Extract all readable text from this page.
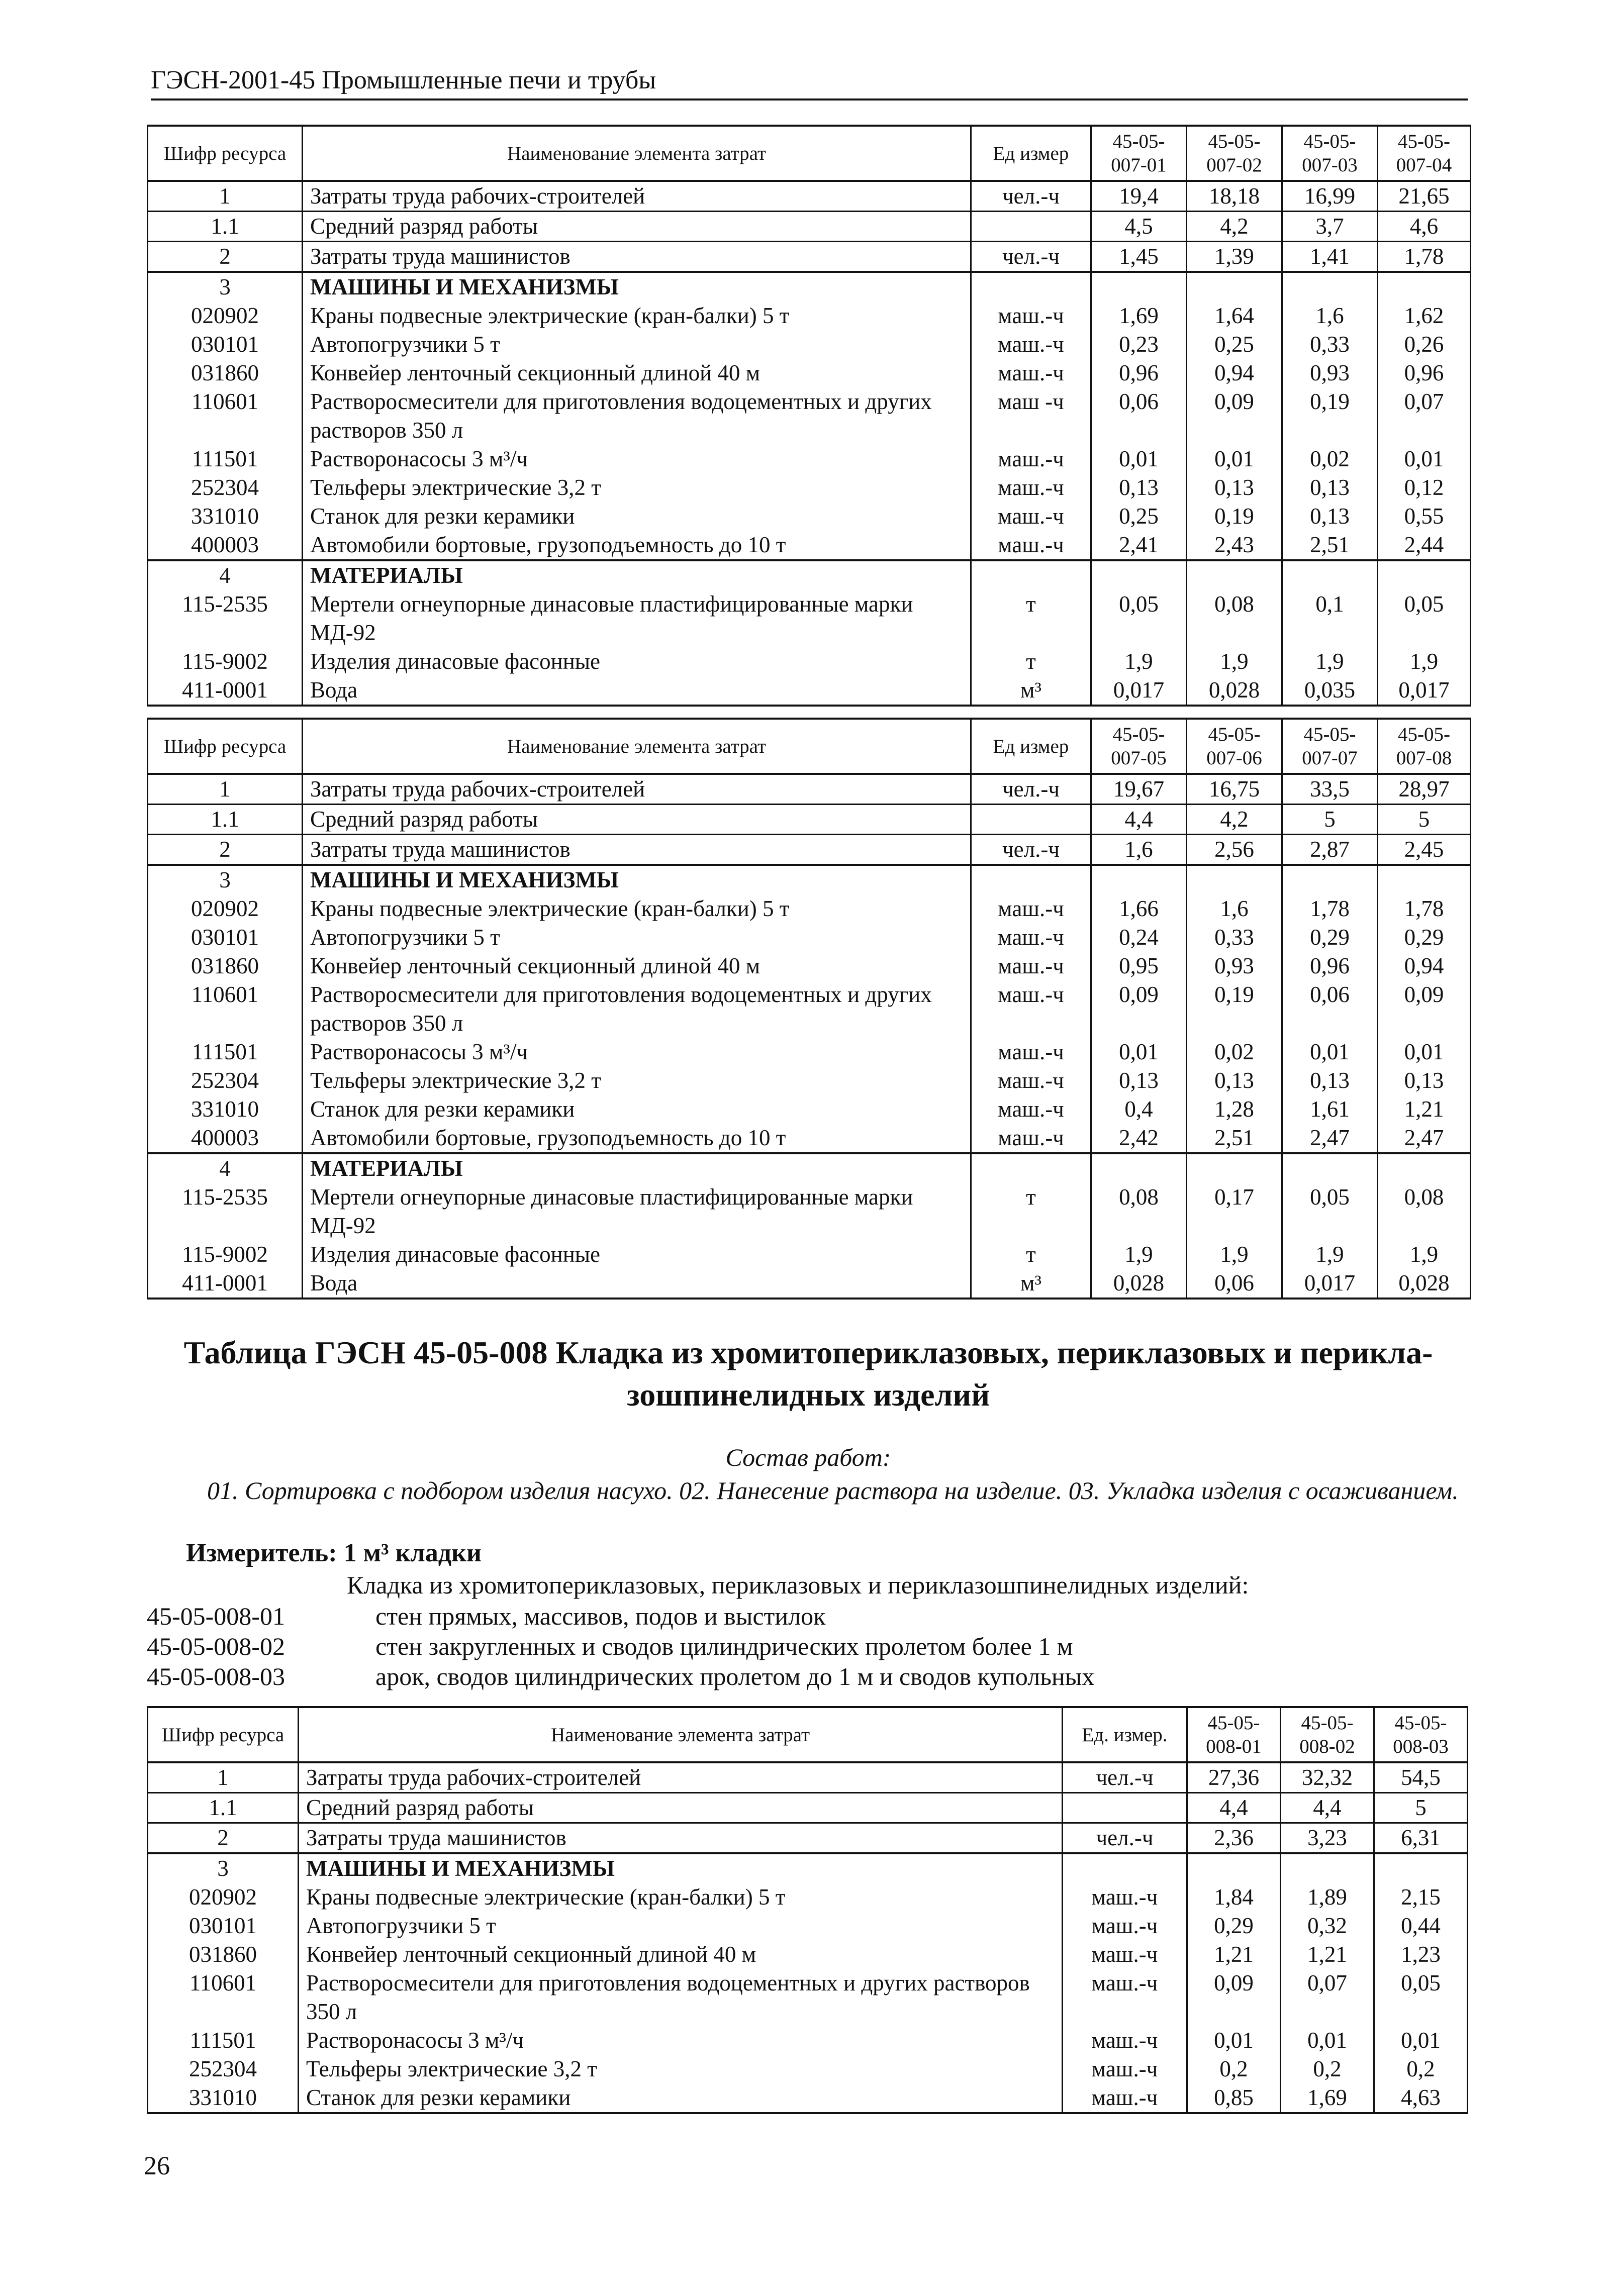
ГЭСН-2001-45 Промышленные печи и трубы
Шифр ресурса	Наименование элемента затрат	Ед измер	45-05-007-01	45-05-007-02	45-05-007-03	45-05-007-04
1	Затраты труда рабочих-строителей	чел.-ч	19,4	18,18	16,99	21,65
1.1	Средний разряд работы		4,5	4,2	3,7	4,6
2	Затраты труда машинистов	чел.-ч	1,45	1,39	1,41	1,78
3	МАШИНЫ И МЕХАНИЗМЫ					
020902	Краны подвесные электрические (кран-балки) 5 т	маш.-ч	1,69	1,64	1,6	1,62
030101	Автопогрузчики 5 т	маш.-ч	0,23	0,25	0,33	0,26
031860	Конвейер ленточный секционный длиной 40 м	маш.-ч	0,96	0,94	0,93	0,96
110601	Растворосмесители для приготовления водоцементных и других растворов 350 л	маш -ч	0,06	0,09	0,19	0,07
111501	Растворонасосы 3 м³/ч	маш.-ч	0,01	0,01	0,02	0,01
252304	Тельферы электрические 3,2 т	маш.-ч	0,13	0,13	0,13	0,12
331010	Станок для резки керамики	маш.-ч	0,25	0,19	0,13	0,55
400003	Автомобили бортовые, грузоподъемность до 10 т	маш.-ч	2,41	2,43	2,51	2,44
4	МАТЕРИАЛЫ					
115-2535	Мертели огнеупорные динасовые пластифицированные марки МД-92	т	0,05	0,08	0,1	0,05
115-9002	Изделия динасовые фасонные	т	1,9	1,9	1,9	1,9
411-0001	Вода	м³	0,017	0,028	0,035	0,017
Шифр ресурса	Наименование элемента затрат	Ед измер	45-05-007-05	45-05-007-06	45-05-007-07	45-05-007-08
1	Затраты труда рабочих-строителей	чел.-ч	19,67	16,75	33,5	28,97
1.1	Средний разряд работы		4,4	4,2	5	5
2	Затраты труда машинистов	чел.-ч	1,6	2,56	2,87	2,45
3	МАШИНЫ И МЕХАНИЗМЫ					
020902	Краны подвесные электрические (кран-балки) 5 т	маш.-ч	1,66	1,6	1,78	1,78
030101	Автопогрузчики 5 т	маш.-ч	0,24	0,33	0,29	0,29
031860	Конвейер ленточный секционный длиной 40 м	маш.-ч	0,95	0,93	0,96	0,94
110601	Растворосмесители для приготовления водоцементных и других растворов 350 л	маш.-ч	0,09	0,19	0,06	0,09
111501	Растворонасосы 3 м³/ч	маш.-ч	0,01	0,02	0,01	0,01
252304	Тельферы электрические 3,2 т	маш.-ч	0,13	0,13	0,13	0,13
331010	Станок для резки керамики	маш.-ч	0,4	1,28	1,61	1,21
400003	Автомобили бортовые, грузоподъемность до 10 т	маш.-ч	2,42	2,51	2,47	2,47
4	МАТЕРИАЛЫ					
115-2535	Мертели огнеупорные динасовые пластифицированные марки МД-92	т	0,08	0,17	0,05	0,08
115-9002	Изделия динасовые фасонные	т	1,9	1,9	1,9	1,9
411-0001	Вода	м³	0,028	0,06	0,017	0,028
Таблица ГЭСН 45-05-008 Кладка из хромитопериклазовых, периклазовых и перикла-
зошпинелидных изделий
Состав работ:
01. Сортировка с подбором изделия насухо. 02. Нанесение раствора на изделие. 03. Укладка изделия с осаживанием.
Измеритель: 1 м³ кладки
Кладка из хромитопериклазовых, периклазовых и периклазошпинелидных изделий:
45-05-008-01	стен прямых, массивов, подов и выстилок
45-05-008-02	стен закругленных и сводов цилиндрических пролетом более 1 м
45-05-008-03	арок, сводов цилиндрических пролетом до 1 м и сводов купольных
Шифр ресурса	Наименование элемента затрат	Ед. измер.	45-05-008-01	45-05-008-02	45-05-008-03
1	Затраты труда рабочих-строителей	чел.-ч	27,36	32,32	54,5
1.1	Средний разряд работы		4,4	4,4	5
2	Затраты труда машинистов	чел.-ч	2,36	3,23	6,31
3	МАШИНЫ И МЕХАНИЗМЫ				
020902	Краны подвесные электрические (кран-балки) 5 т	маш.-ч	1,84	1,89	2,15
030101	Автопогрузчики 5 т	маш.-ч	0,29	0,32	0,44
031860	Конвейер ленточный секционный длиной 40 м	маш.-ч	1,21	1,21	1,23
110601	Растворосмесители для приготовления водоцементных и других растворов 350 л	маш.-ч	0,09	0,07	0,05
111501	Растворонасосы 3 м³/ч	маш.-ч	0,01	0,01	0,01
252304	Тельферы электрические 3,2 т	маш.-ч	0,2	0,2	0,2
331010	Станок для резки керамики	маш.-ч	0,85	1,69	4,63
26
